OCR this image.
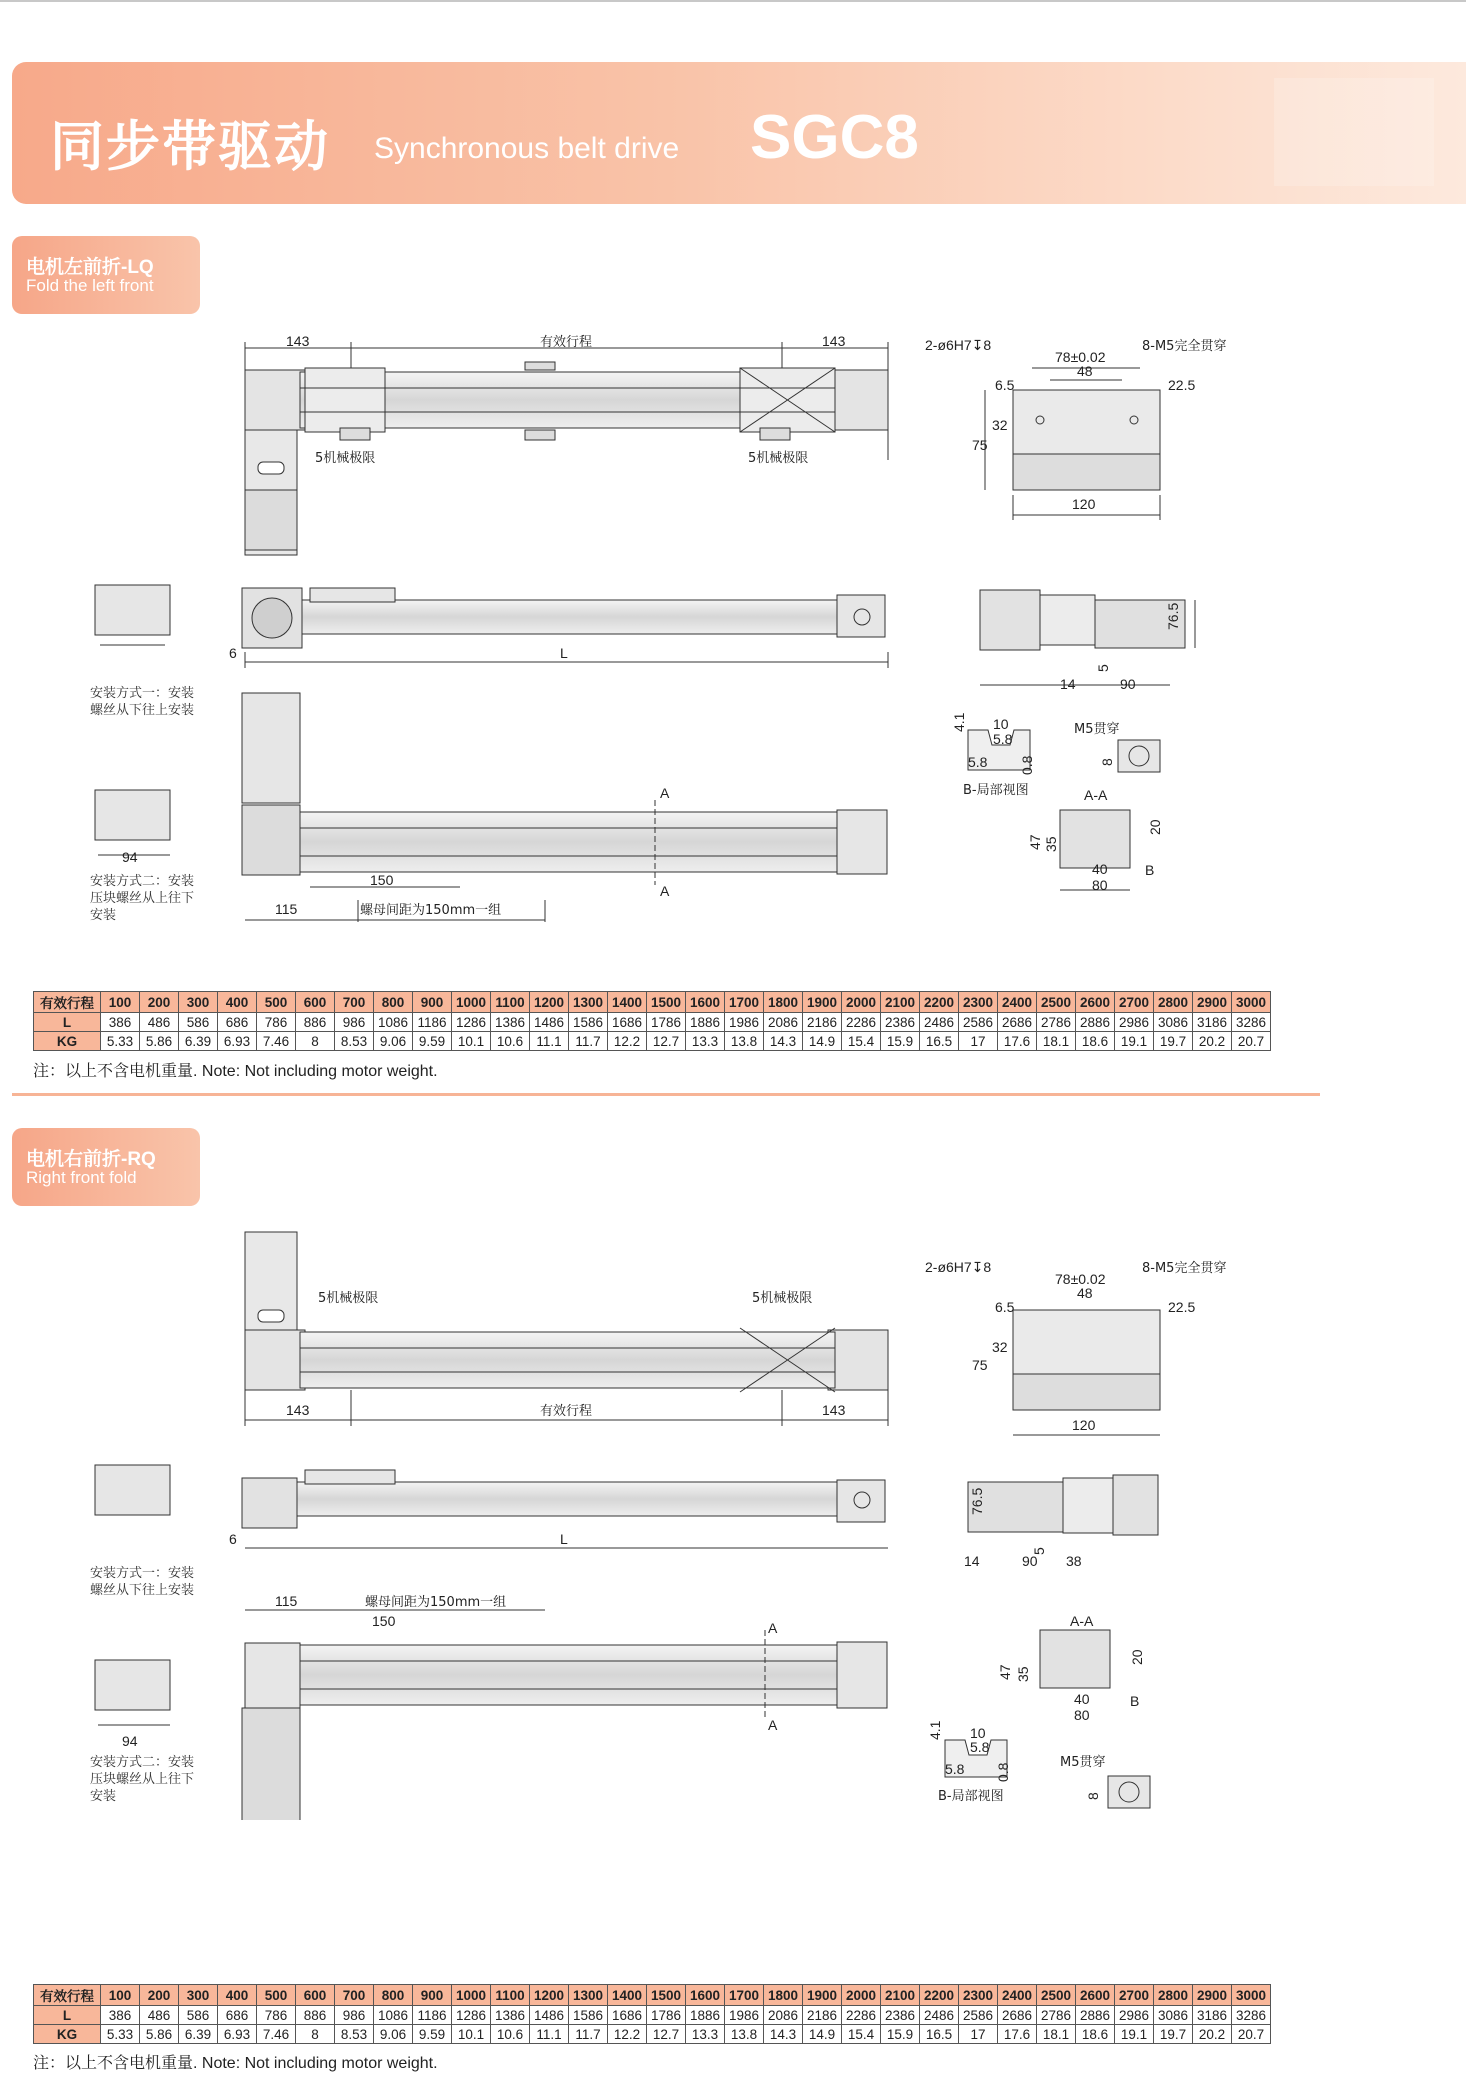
同步带驱动 Synchronous belt drive SGC8
电机左前折-LQ
Fold the left front
143	有效行程	143
5机械极限	5机械极限
2-ø6H7↧8
78±0.02
48
8-M5完全贯穿
22.5
6.5
32
75
120
6	L
76.5
5
14	90
94
A
A
150
115	螺母间距为150mm一组
10
5.8
4.1
5.8 0.8
B-局部视图
M5贯穿
8
A-A
47 35
20
40
80
B
安装方式一：安装
螺丝从下往上安装
安装方式二：安装
压块螺丝从上往下
安装
有效行程	100	200	300	400	500	600	700	800	900	1000	1100	1200	1300	1400	1500	1600	1700	1800	1900	2000	2100	2200	2300	2400	2500	2600	2700	2800	2900	3000
L	386	486	586	686	786	886	986	1086	1186	1286	1386	1486	1586	1686	1786	1886	1986	2086	2186	2286	2386	2486	2586	2686	2786	2886	2986	3086	3186	3286
KG	5.33	5.86	6.39	6.93	7.46	8	8.53	9.06	9.59	10.1	10.6	11.1	11.7	12.2	12.7	13.3	13.8	14.3	14.9	15.4	15.9	16.5	17	17.6	18.1	18.6	19.1	19.7	20.2	20.7
注：以上不含电机重量. Note: Not including motor weight.
电机右前折-RQ
Right front fold
5机械极限	5机械极限
143	有效行程	143
2-ø6H7↧8
78±0.02
48
8-M5完全贯穿
22.5
6.5
32
75
120
6	L
76.5
5
14	90 38
94
115	螺母间距为150mm一组
150	A
A
A-A
47 35
20
40
80
B
10
5.8
4.1
5.8 0.8
B-局部视图
M5贯穿
8
安装方式一：安装
螺丝从下往上安装
安装方式二：安装
压块螺丝从上往下
安装
有效行程	100	200	300	400	500	600	700	800	900	1000	1100	1200	1300	1400	1500	1600	1700	1800	1900	2000	2100	2200	2300	2400	2500	2600	2700	2800	2900	3000
L	386	486	586	686	786	886	986	1086	1186	1286	1386	1486	1586	1686	1786	1886	1986	2086	2186	2286	2386	2486	2586	2686	2786	2886	2986	3086	3186	3286
KG	5.33	5.86	6.39	6.93	7.46	8	8.53	9.06	9.59	10.1	10.6	11.1	11.7	12.2	12.7	13.3	13.8	14.3	14.9	15.4	15.9	16.5	17	17.6	18.1	18.6	19.1	19.7	20.2	20.7
注：以上不含电机重量. Note: Not including motor weight.
